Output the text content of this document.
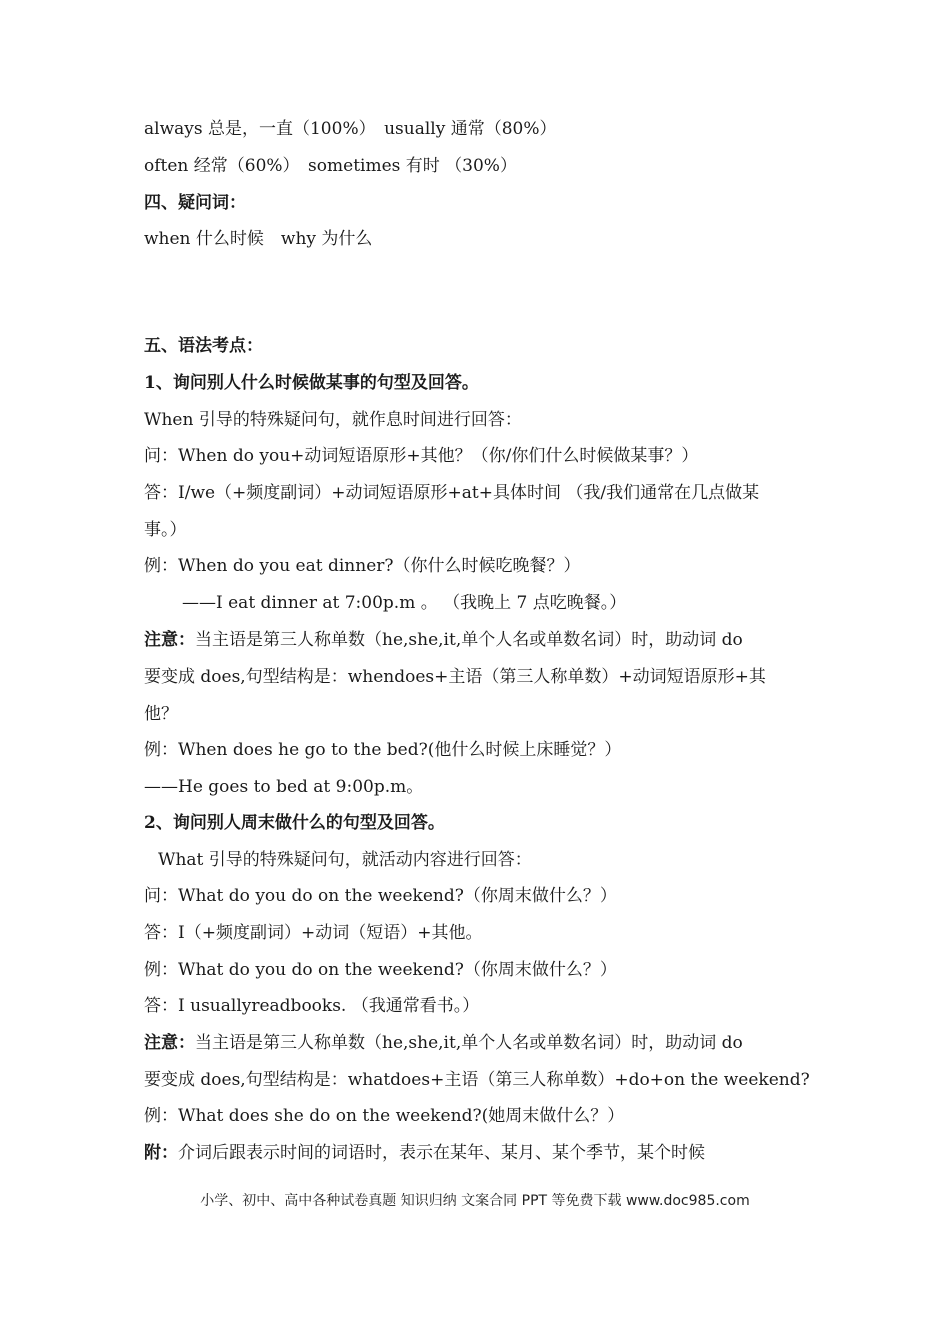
always 总是，一直（100%）　usually 通常（80%）
often 经常（60%）　sometimes 有时 （30%）
四、疑问词：
when 什么时候　why 为什么
五、语法考点：
1、询问别人什么时候做某事的句型及回答。
When 引导的特殊疑问句，就作息时间进行回答：
问：When do you+动词短语原形+其他？（你/你们什么时候做某事？）
答：I/we（+频度副词）+动词短语原形+at+具体时间 （我/我们通常在几点做某
事。）
例：When do you eat dinner?（你什么时候吃晚餐？）
——I eat dinner at 7:00p.m 。 （我晚上 7 点吃晚餐。）
注意：当主语是第三人称单数（he,she,it,单个人名或单数名词）时，助动词 do
要变成 does,句型结构是：whendoes+主语（第三人称单数）+动词短语原形+其
他？
例：When does he go to the bed?(他什么时候上床睡觉？）
——He goes to bed at 9:00p.m。
2、询问别人周末做什么的句型及回答。
What 引导的特殊疑问句，就活动内容进行回答：
问：What do you do on the weekend?（你周末做什么？）
答：I（+频度副词）+动词（短语）+其他。
例：What do you do on the weekend?（你周末做什么？）
答：I usuallyreadbooks. （我通常看书。）
注意：当主语是第三人称单数（he,she,it,单个人名或单数名词）时，助动词 do
要变成 does,句型结构是：whatdoes+主语（第三人称单数）+do+on the weekend?
例：What does she do on the weekend?(她周末做什么？）
附：介词后跟表示时间的词语时，表示在某年、某月、某个季节，某个时候
小学、初中、高中各种试卷真题 知识归纳 文案合同 PPT 等免费下载 www.doc985.com
